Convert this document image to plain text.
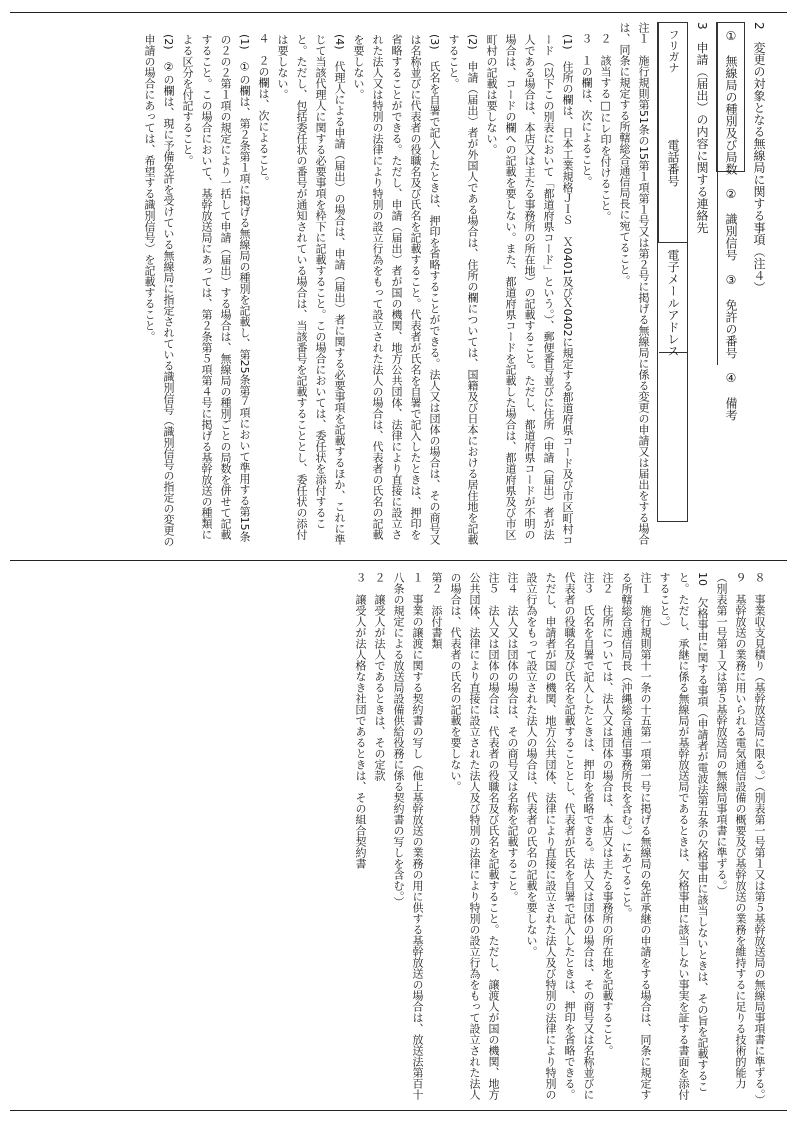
2　変更の対象となる無線局に関する事項（注４）

①　無線局の種別及び局数
②　識別信号
③　免許の番号
④　備考

3　申請（届出）の内容に関する連絡先

フリガナ
電話番号
電子メールアドレス

注１　施行規則第51条の15第１項第１号又は第２号に掲げる無線局に係る変更の申請又は届出をする場合は、同条に規定する所轄総合通信局長に宛てること。

　２　該当する□にレ印を付けること。

　３　１の欄は、次によること。

(1)　住所の欄は、日本工業規格ＪＩＳ　Ｘ0401及びＸ0402に規定する都道府県コード及び市区町村コード（以下この別表において「都道府県コード」という。）、郵便番号並びに住所（申請（届出）者が法人である場合は、本店又は主たる事務所の所在地）の記載すること。ただし、都道府県コードが不明の場合は、コードの欄への記載を要しない。また、都道府県コードを記載した場合は、都道府県及び市区町村の記載は要しない。

(2)　申請（届出）者が外国人である場合は、住所の欄については、国籍及び日本における居住地を記載すること。

(3)　氏名を自署で記入したときは、押印を省略することができる。法人又は団体の場合は、その商号又は名称並びに代表者の役職名及び氏名を記載すること。代表者が氏名を自署で記入したときは、押印を省略することができる。ただし、申請（届出）者が国の機関、地方公共団体、法律により直接に設立された法人又は特別の法律により特別の設立行為をもって設立された法人の場合は、代表者の氏名の記載を要しない。

(4)　代理人による申請（届出）の場合は、申請（届出）者に関する必要事項を記載するほか、これに準じて当該代理人に関する必要事項を枠下に記載すること。この場合においては、委任状を添付すること。ただし、包括委任状の番号が通知されている場合は、当該番号を記載することとし、委任状の添付は要しない。

　４　２の欄は、次によること。

(1)　①の欄は、第２条第１項に掲げる無線局の種別を記載し、第25条第７項において準用する第15条の２の２第１項の規定により一括して申請（届出）する場合は、無線局の種別ごとの局数を併せて記載すること。この場合において、基幹放送局にあっては、第２条第５項第４号に掲げる基幹放送の種類による区分を付記すること。

(2)　②の欄は、現に予備免許を受けている無線局に指定されている識別信号（識別信号の指定の変更の申請の場合にあっては、希望する識別信号）を記載すること。

８　事業収支見積り（基幹放送局に限る。）（別表第一号第１又は第５基幹放送局の無線局事項書に準ずる。）

９　基幹放送の業務に用いられる電気通信設備の概要及び基幹放送の業務を維持するに足りる技術的能力（別表第一号第１又は第５基幹放送局の無線局事項書に準ずる。）

10　欠格事由に関する事項（申請者が電波法第五条の欠格事由に該当しないときは、その旨を記載すること。ただし、承継に係る無線局が基幹放送局であるときは、欠格事由に該当しない事実を証する書面を添付すること。）

注１　施行規則第十一条の十五第一項第一号に掲げる無線局の免許承継の申請をする場合は、同条に規定する所轄総合通信局長（沖縄総合通信事務所長を含む。）にあてること。

注２　住所については、法人又は団体の場合は、本店又は主たる事務所の所在地を記載すること。

注３　氏名を自署で記入したときは、押印を省略できる。法人又は団体の場合は、その商号又は名称並びに代表者の役職名及び氏名を記載することとし、代表者が氏名を自署で記入したときは、押印を省略できる。ただし、申請者が国の機関、地方公共団体、法律により直接に設立された法人及び特別の法律により特別の設立行為をもって設立された法人の場合は、代表者の氏名の記載を要しない。

注４　法人又は団体の場合は、その商号又は名称を記載すること。

注５　法人又は団体の場合は、代表者の役職名及び氏名を記載すること。ただし、譲渡人が国の機関、地方公共団体、法律により直接に設立された法人及び特別の法律により特別の設立行為をもって設立された法人の場合は、代表者の氏名の記載を要しない。

第２　添付書類

１　事業の譲渡に関する契約書の写し（他上基幹放送の業務の用に供する基幹放送の場合は、放送法第百十八条の規定による放送局設備供給役務に係る契約書の写しを含む。）

２　譲受人が法人であるときは、その定款

３　譲受人が法人格なき社団であるときは、その組合契約書
